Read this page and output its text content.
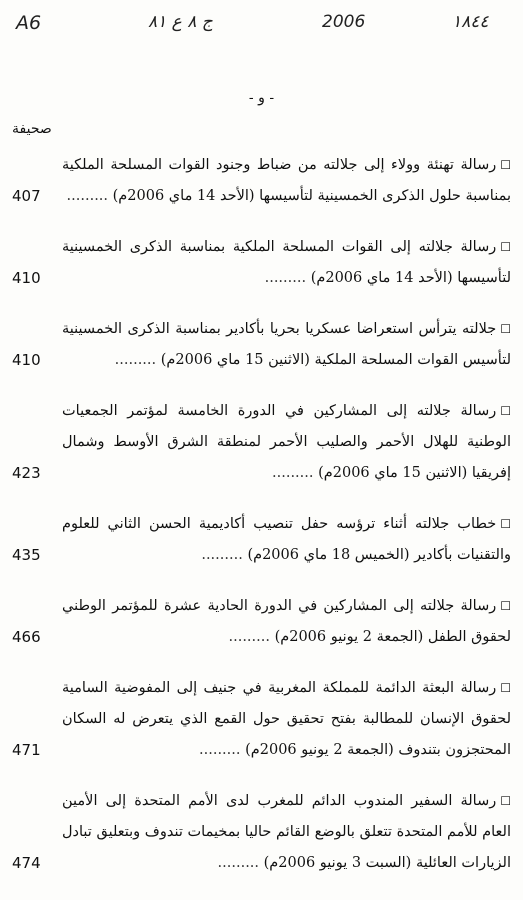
A6	ج ٨ ع ٨١	2006	١٨٤٤
- و -
صحيفة
☐رسالة تهنئة وولاء إلى جلالته من ضباط وجنود القوات المسلحة الملكية بمناسبة حلول الذكرى الخمسينية لتأسيسها (الأحد 14 ماي 2006م) .........
407
☐رسالة جلالته إلى القوات المسلحة الملكية بمناسبة الذكرى الخمسينية لتأسيسها (الأحد 14 ماي 2006م) .........
410
☐جلالته يترأس استعراضا عسكريا بحريا بأكادير بمناسبة الذكرى الخمسينية لتأسيس القوات المسلحة الملكية (الاثنين 15 ماي 2006م) .........
410
☐رسالة جلالته إلى المشاركين في الدورة الخامسة لمؤتمر الجمعيات الوطنية للهلال الأحمر والصليب الأحمر لمنطقة الشرق الأوسط وشمال إفريقيا (الاثنين 15 ماي 2006م) .........
423
☐خطاب جلالته أثناء ترؤسه حفل تنصيب أكاديمية الحسن الثاني للعلوم والتقنيات بأكادير (الخميس 18 ماي 2006م) .........
435
☐رسالة جلالته إلى المشاركين في الدورة الحادية عشرة للمؤتمر الوطني لحقوق الطفل (الجمعة 2 يونيو 2006م) .........
466
☐رسالة البعثة الدائمة للمملكة المغربية في جنيف إلى المفوضية السامية لحقوق الإنسان للمطالبة بفتح تحقيق حول القمع الذي يتعرض له السكان المحتجزون بتندوف (الجمعة 2 يونيو 2006م) .........
471
☐رسالة السفير المندوب الدائم للمغرب لدى الأمم المتحدة إلى الأمين العام للأمم المتحدة تتعلق بالوضع القائم حاليا بمخيمات تندوف وبتعليق تبادل الزيارات العائلية (السبت 3 يونيو 2006م) .........
474
